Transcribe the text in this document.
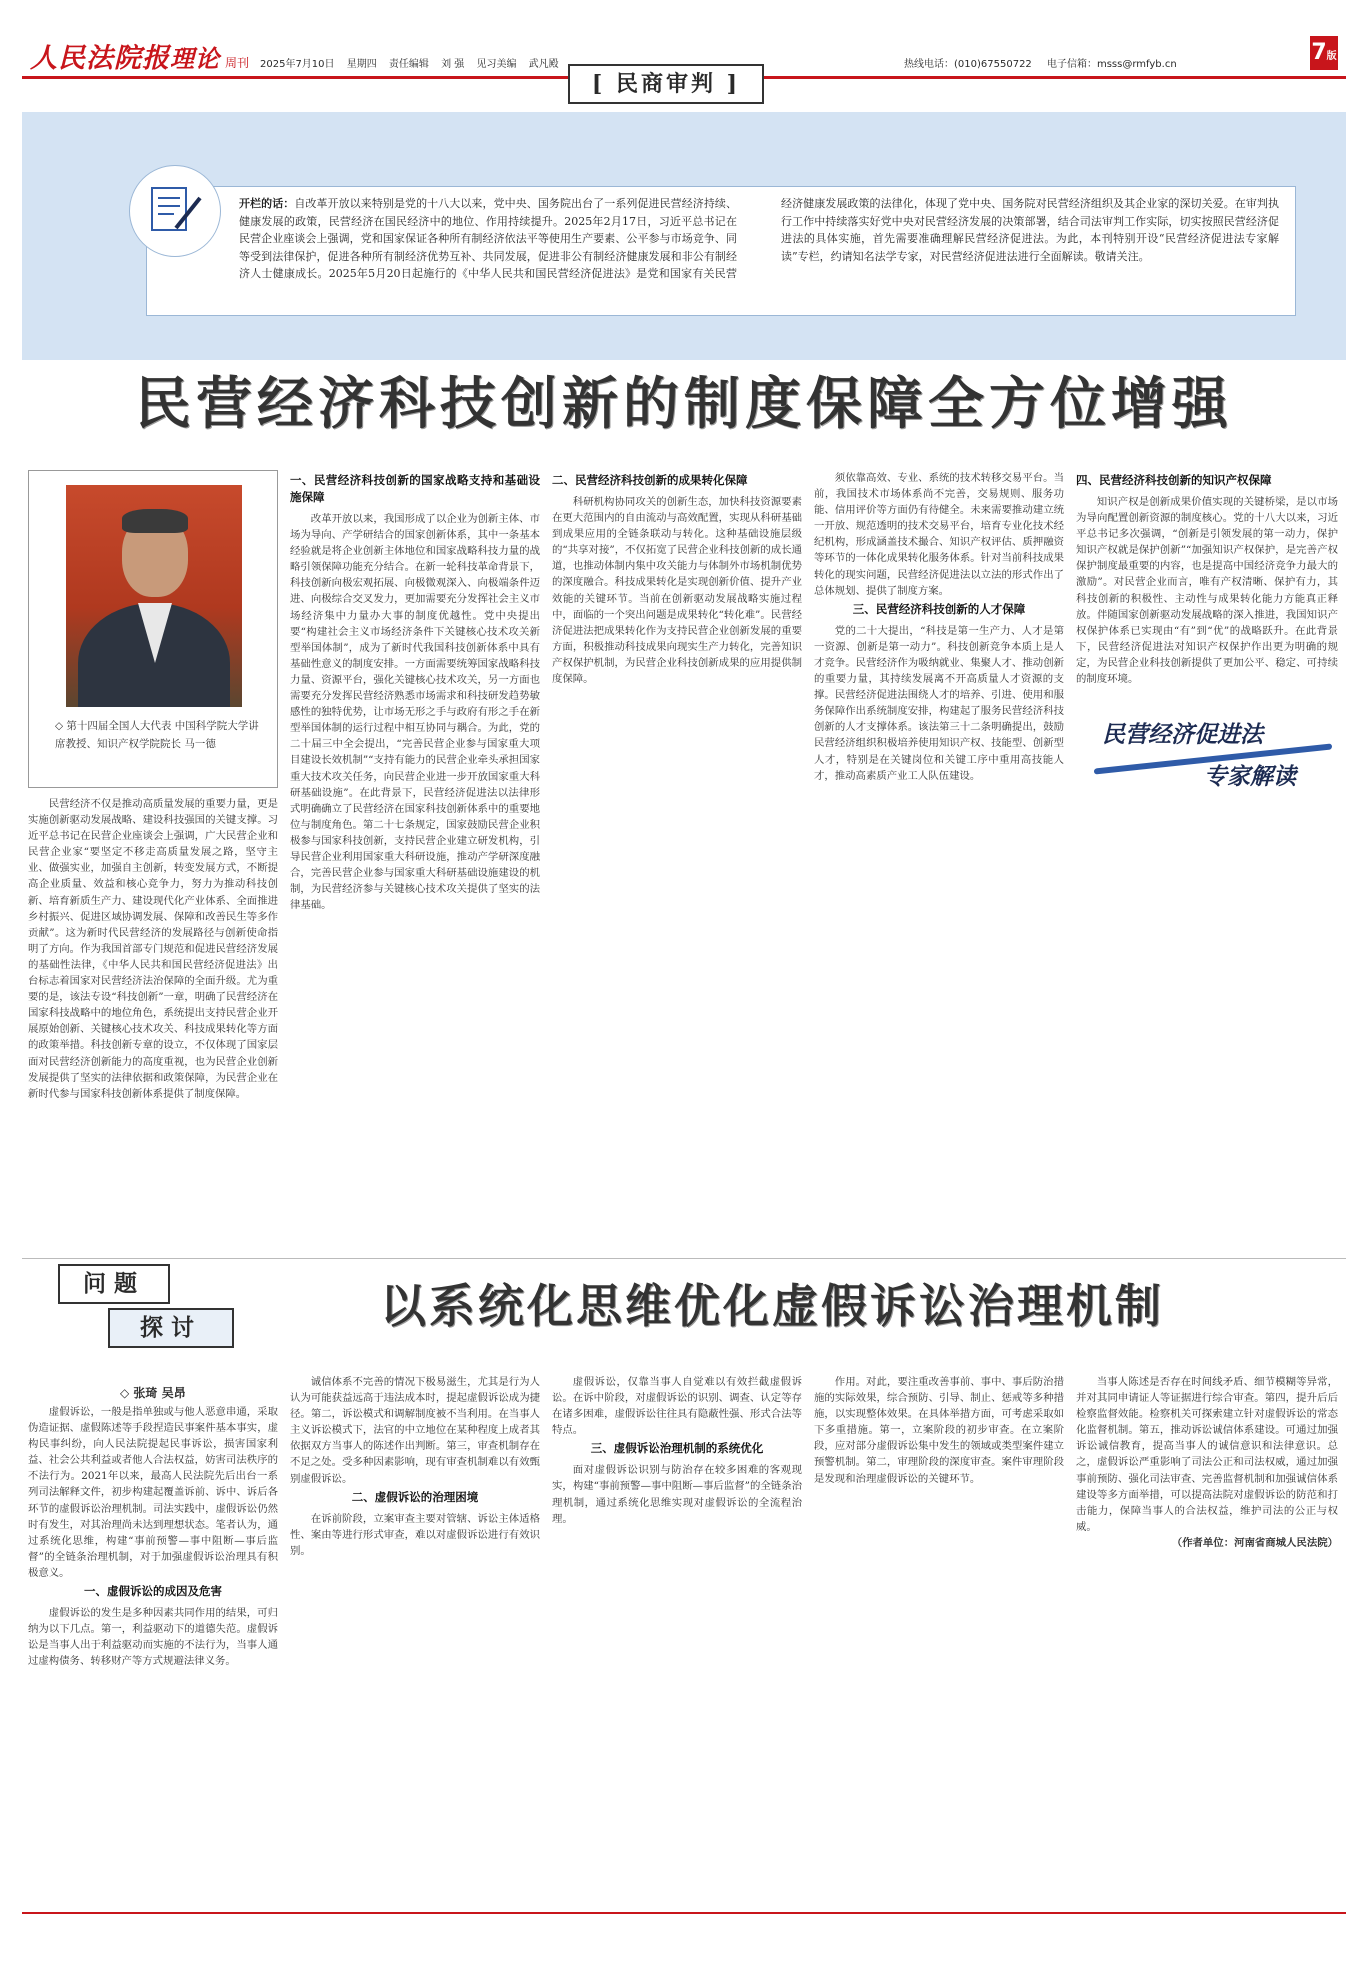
人民法院报理论 周刊 2025年7月10日 星期四 责任编辑 刘 强 见习美编 武凡殿	热线电话：(010)67550722 电子信箱：msss@rmfyb.cn	7版
[ 民商审判 ]
开栏的话：自改革开放以来特别是党的十八大以来，党中央、国务院出台了一系列促进民营经济持续、健康发展的政策，民营经济在国民经济中的地位、作用持续提升。2025年2月17日，习近平总书记在民营企业座谈会上强调，党和国家保证各种所有制经济依法平等使用生产要素、公平参与市场竞争、同等受到法律保护，促进各种所有制经济优势互补、共同发展，促进非公有制经济健康发展和非公有制经济人士健康成长。2025年5月20日起施行的《中华人民共和国民营经济促进法》是党和国家有关民营经济健康发展政策的法律化，体现了党中央、国务院对民营经济组织及其企业家的深切关爱。在审判执行工作中持续落实好党中央对民营经济发展的决策部署，结合司法审判工作实际，切实按照民营经济促进法的具体实施，首先需要准确理解民营经济促进法。为此，本刊特别开设“民营经济促进法专家解读”专栏，约请知名法学专家，对民营经济促进法进行全面解读。敬请关注。
民营经济科技创新的制度保障全方位增强
◇ 第十四届全国人大代表 中国科学院大学讲席教授、知识产权学院院长 马一德

民营经济不仅是推动高质量发展的重要力量，更是实施创新驱动发展战略、建设科技强国的关键支撑。习近平总书记在民营企业座谈会上强调，广大民营企业和民营企业家“要坚定不移走高质量发展之路，坚守主业、做强实业，加强自主创新，转变发展方式，不断提高企业质量、效益和核心竞争力，努力为推动科技创新、培育新质生产力、建设现代化产业体系、全面推进乡村振兴、促进区域协调发展、保障和改善民生等多作贡献”。这为新时代民营经济的发展路径与创新使命指明了方向。作为我国首部专门规范和促进民营经济发展的基础性法律，《中华人民共和国民营经济促进法》出台标志着国家对民营经济法治保障的全面升级。尤为重要的是，该法专设“科技创新”一章，明确了民营经济在国家科技战略中的地位角色，系统提出支持民营企业开展原始创新、关键核心技术攻关、科技成果转化等方面的政策举措。科技创新专章的设立，不仅体现了国家层面对民营经济创新能力的高度重视，也为民营企业创新发展提供了坚实的法律依据和政策保障，为民营企业在新时代参与国家科技创新体系提供了制度保障。

一、民营经济科技创新的国家战略支持和基础设施保障

改革开放以来，我国形成了以企业为创新主体、市场为导向、产学研结合的国家创新体系，其中一条基本经验就是将企业创新主体地位和国家战略科技力量的战略引领保障功能充分结合。在新一轮科技革命背景下，科技创新向极宏观拓展、向极微观深入、向极端条件迈进、向极综合交叉发力，更加需要充分发挥社会主义市场经济集中力量办大事的制度优越性。党中央提出要“构建社会主义市场经济条件下关键核心技术攻关新型举国体制”，成为了新时代我国科技创新体系中具有基础性意义的制度安排。一方面需要统筹国家战略科技力量、资源平台，强化关键核心技术攻关，另一方面也需要充分发挥民营经济熟悉市场需求和科技研发趋势敏感性的独特优势，让市场无形之手与政府有形之手在新型举国体制的运行过程中相互协同与耦合。为此，党的二十届三中全会提出，“完善民营企业参与国家重大项目建设长效机制”“支持有能力的民营企业牵头承担国家重大技术攻关任务，向民营企业进一步开放国家重大科研基础设施”。在此背景下，民营经济促进法以法律形式明确确立了民营经济在国家科技创新体系中的重要地位与制度角色。第二十七条规定，国家鼓励民营企业积极参与国家科技创新，支持民营企业建立研发机构，引导民营企业利用国家重大科研设施，推动产学研深度融合，完善民营企业参与国家重大科研基础设施建设的机制，为民营经济参与关键核心技术攻关提供了坚实的法律基础。

二、民营经济科技创新的成果转化保障

科研机构协同攻关的创新生态，加快科技资源要素在更大范围内的自由流动与高效配置，实现从科研基础到成果应用的全链条联动与转化。这种基础设施层级的“共享对接”，不仅拓宽了民营企业科技创新的成长通道，也推动体制内集中攻关能力与体制外市场机制优势的深度融合。科技成果转化是实现创新价值、提升产业效能的关键环节。当前在创新驱动发展战略实施过程中，面临的一个突出问题是成果转化“转化难”。民营经济促进法把成果转化作为支持民营企业创新发展的重要方面，积极推动科技成果向现实生产力转化，完善知识产权保护机制，为民营企业科技创新成果的应用提供制度保障。

须依靠高效、专业、系统的技术转移交易平台。当前，我国技术市场体系尚不完善，交易规则、服务功能、信用评价等方面仍有待健全。未来需要推动建立统一开放、规范透明的技术交易平台，培育专业化技术经纪机构，形成涵盖技术撮合、知识产权评估、质押融资等环节的一体化成果转化服务体系。针对当前科技成果转化的现实问题，民营经济促进法以立法的形式作出了总体规划、提供了制度方案。

三、民营经济科技创新的人才保障

党的二十大提出，“科技是第一生产力、人才是第一资源、创新是第一动力”。科技创新竞争本质上是人才竞争。民营经济作为吸纳就业、集聚人才、推动创新的重要力量，其持续发展离不开高质量人才资源的支撑。民营经济促进法围绕人才的培养、引进、使用和服务保障作出系统制度安排，构建起了服务民营经济科技创新的人才支撑体系。该法第三十二条明确提出，鼓励民营经济组织积极培养使用知识产权、技能型、创新型人才，特别是在关键岗位和关键工序中重用高技能人才，推动高素质产业工人队伍建设。

四、民营经济科技创新的知识产权保障

知识产权是创新成果价值实现的关键桥梁，是以市场为导向配置创新资源的制度核心。党的十八大以来，习近平总书记多次强调，“创新是引领发展的第一动力，保护知识产权就是保护创新”“加强知识产权保护，是完善产权保护制度最重要的内容，也是提高中国经济竞争力最大的激励”。对民营企业而言，唯有产权清晰、保护有力，其科技创新的积极性、主动性与成果转化能力方能真正释放。伴随国家创新驱动发展战略的深入推进，我国知识产权保护体系已实现由“有”到“优”的战略跃升。在此背景下，民营经济促进法对知识产权保护作出更为明确的规定，为民营企业科技创新提供了更加公平、稳定、可持续的制度环境。

民营经济促进法
专家解读
问题
探讨	以系统化思维优化虚假诉讼治理机制
◇ 张琦 吴昂

虚假诉讼，一般是指单独或与他人恶意串通，采取伪造证据、虚假陈述等手段捏造民事案件基本事实，虚构民事纠纷，向人民法院提起民事诉讼，损害国家利益、社会公共利益或者他人合法权益，妨害司法秩序的不法行为。2021年以来，最高人民法院先后出台一系列司法解释文件，初步构建起覆盖诉前、诉中、诉后各环节的虚假诉讼治理机制。司法实践中，虚假诉讼仍然时有发生，对其治理尚未达到理想状态。笔者认为，通过系统化思维，构建“事前预警—事中阻断—事后监督”的全链条治理机制，对于加强虚假诉讼治理具有积极意义。

一、虚假诉讼的成因及危害

虚假诉讼的发生是多种因素共同作用的结果，可归纳为以下几点。第一，利益驱动下的道德失范。虚假诉讼是当事人出于利益驱动而实施的不法行为，当事人通过虚构债务、转移财产等方式规避法律义务。

诚信体系不完善的情况下极易滋生，尤其是行为人认为可能获益远高于违法成本时，提起虚假诉讼成为捷径。第二，诉讼模式和调解制度被不当利用。在当事人主义诉讼模式下，法官的中立地位在某种程度上成者其依据双方当事人的陈述作出判断。第三，审查机制存在不足之处。受多种因素影响，现有审查机制难以有效甄别虚假诉讼。

二、虚假诉讼的治理困境

在诉前阶段，立案审查主要对管辖、诉讼主体适格性、案由等进行形式审查，难以对虚假诉讼进行有效识别。

虚假诉讼，仅靠当事人自觉难以有效拦截虚假诉讼。在诉中阶段，对虚假诉讼的识别、调查、认定等存在诸多困难，虚假诉讼往往具有隐蔽性强、形式合法等特点。

三、虚假诉讼治理机制的系统优化

面对虚假诉讼识别与防治存在较多困难的客观现实，构建“事前预警—事中阻断—事后监督”的全链条治理机制，通过系统化思维实现对虚假诉讼的全流程治理。

作用。对此，要注重改善事前、事中、事后防治措施的实际效果，综合预防、引导、制止、惩戒等多种措施，以实现整体效果。在具体举措方面，可考虑采取如下多重措施。第一，立案阶段的初步审查。在立案阶段，应对部分虚假诉讼集中发生的领域或类型案件建立预警机制。第二，审理阶段的深度审查。案件审理阶段是发现和治理虚假诉讼的关键环节。

当事人陈述是否存在时间线矛盾、细节模糊等异常，并对其同申请证人等证据进行综合审查。第四，提升后后检察监督效能。检察机关可探索建立针对虚假诉讼的常态化监督机制。第五，推动诉讼诚信体系建设。可通过加强诉讼诚信教育，提高当事人的诚信意识和法律意识。总之，虚假诉讼严重影响了司法公正和司法权威，通过加强事前预防、强化司法审查、完善监督机制和加强诚信体系建设等多方面举措，可以提高法院对虚假诉讼的防范和打击能力，保障当事人的合法权益，维护司法的公正与权威。

（作者单位：河南省商城人民法院）
